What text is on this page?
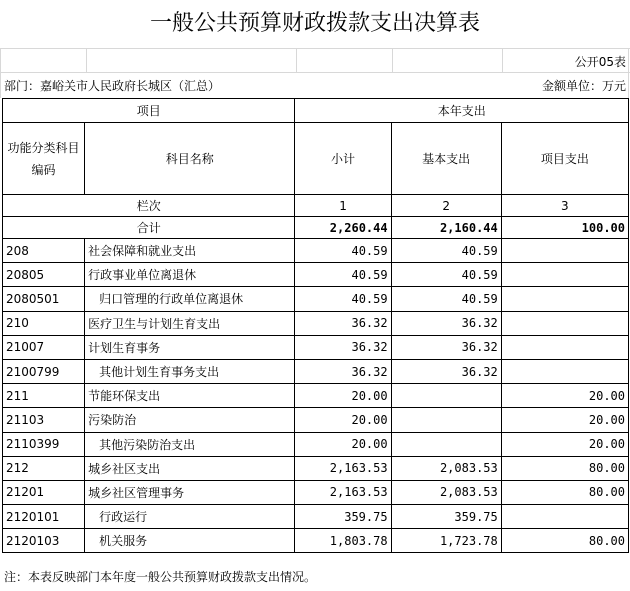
一般公共预算财政拨款支出决算表
公开05表
部门：嘉峪关市人民政府长城区（汇总）	金额单位：万元
项目		本年支出		
功能分类科目编码	科目名称	小计	基本支出	项目支出
栏次		1	2	3
合计		2,260.44	2,160.44	100.00
208	社会保障和就业支出	40.59	40.59	
20805	行政事业单位离退休	40.59	40.59	
2080501	归口管理的行政单位离退休	40.59	40.59	
210	医疗卫生与计划生育支出	36.32	36.32	
21007	计划生育事务	36.32	36.32	
2100799	其他计划生育事务支出	36.32	36.32	
211	节能环保支出	20.00		20.00
21103	污染防治	20.00		20.00
2110399	其他污染防治支出	20.00		20.00
212	城乡社区支出	2,163.53	2,083.53	80.00
21201	城乡社区管理事务	2,163.53	2,083.53	80.00
2120101	行政运行	359.75	359.75	
2120103	机关服务	1,803.78	1,723.78	80.00
注：本表反映部门本年度一般公共预算财政拨款支出情况。
